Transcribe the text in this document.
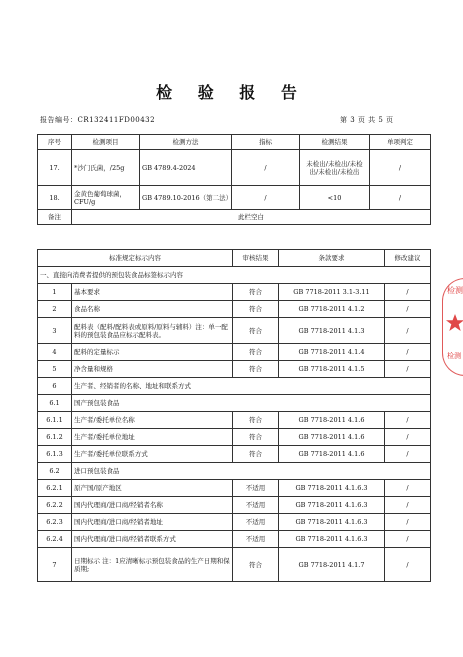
检 验 报 告
报告编号：CR132411FD00432	第 3 页 共 5 页
序号	检测项目	检测方法	指标	检测结果	单项判定
17.	*沙门氏菌，/25g	GB 4789.4-2024	/	未检出/未检出/未检出/未检出/未检出	/
18.	金黄色葡萄球菌，CFU/g	GB 4789.10-2016（第二法）	/	<10	/
备注	此栏空白				
标准规定标示内容		审核结果	条款要求	修改建议
一、直接向消费者提供的预包装食品标签标示内容				
1	基本要求	符合	GB 7718-2011 3.1-3.11	/
2	食品名称	符合	GB 7718-2011 4.1.2	/
3	配料表（配料/配料表或原料/原料与辅料）注：单一配料的预包装食品应标示配料表。	符合	GB 7718-2011 4.1.3	/
4	配料的定量标示	符合	GB 7718-2011 4.1.4	/
5	净含量和规格	符合	GB 7718-2011 4.1.5	/
6	生产者、经销者的名称、地址和联系方式			
6.1	国产预包装食品			
6.1.1	生产者/委托单位名称	符合	GB 7718-2011 4.1.6	/
6.1.2	生产者/委托单位地址	符合	GB 7718-2011 4.1.6	/
6.1.3	生产者/委托单位联系方式	符合	GB 7718-2011 4.1.6	/
6.2	进口预包装食品			
6.2.1	原产国/原产地区	不适用	GB 7718-2011 4.1.6.3	/
6.2.2	国内代理商/进口商/经销者名称	不适用	GB 7718-2011 4.1.6.3	/
6.2.3	国内代理商/进口商/经销者地址	不适用	GB 7718-2011 4.1.6.3	/
6.2.4	国内代理商/进口商/经销者联系方式	不适用	GB 7718-2011 4.1.6.3	/
7	日期标示 注：1应清晰标示预包装食品的生产日期和保质期;	符合	GB 7718-2011 4.1.7	/
检测
检测
